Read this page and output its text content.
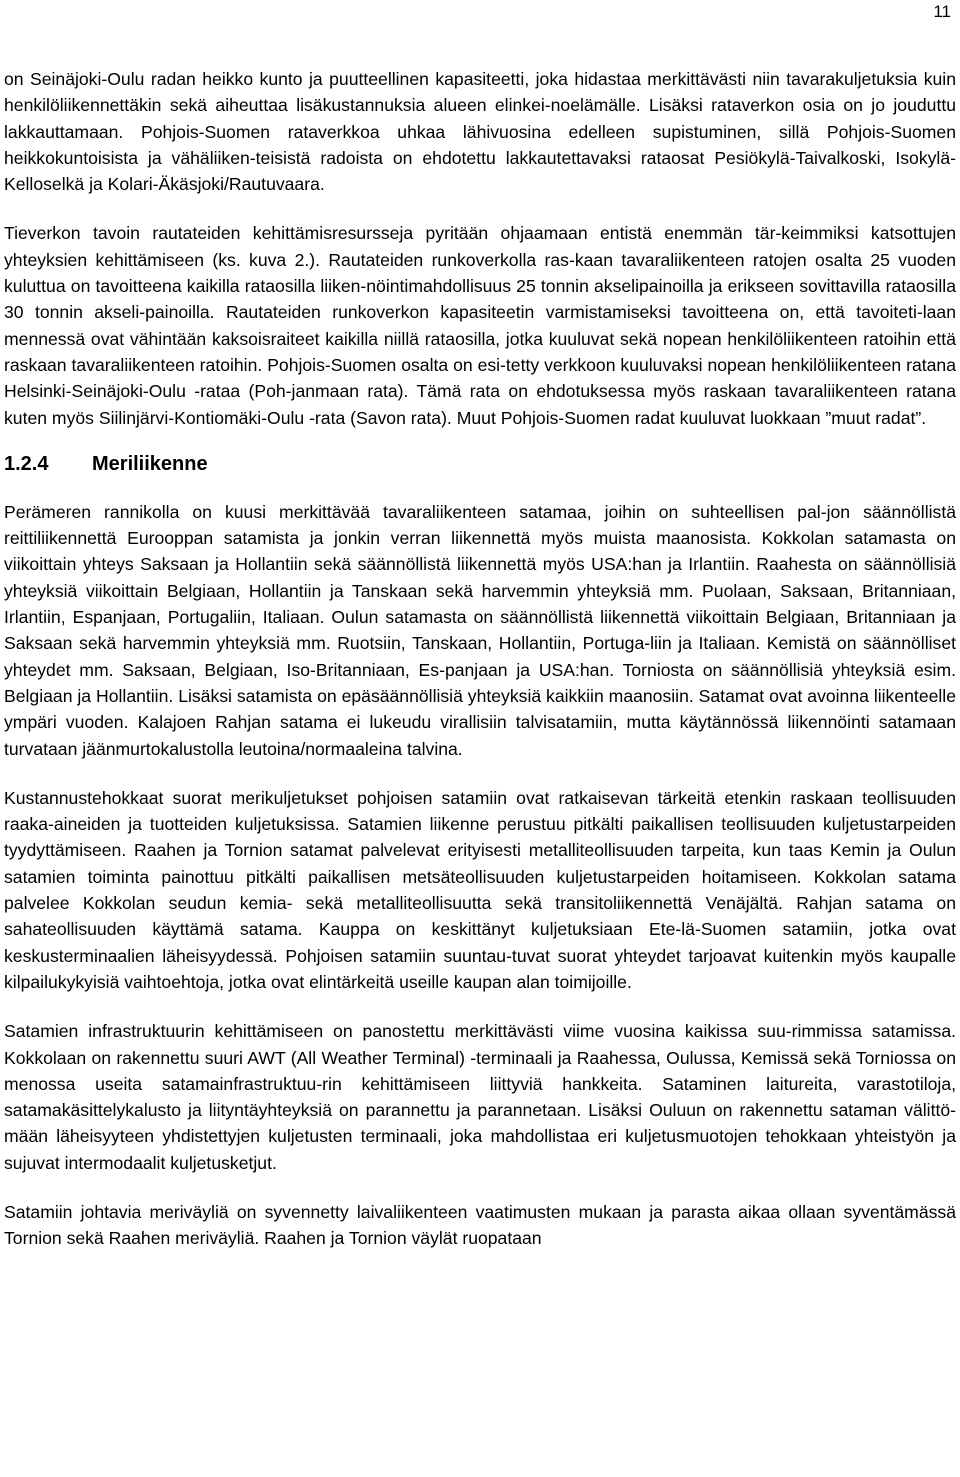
11

on Seinäjoki-Oulu radan heikko kunto ja puutteellinen kapasiteetti, joka hidastaa merkittävästi niin tavarakuljetuksia kuin henkilöliikennettäkin sekä aiheuttaa lisäkustannuksia alueen elinkei-noelämälle. Lisäksi rataverkon osia on jo jouduttu lakkauttamaan. Pohjois-Suomen rataverkkoa uhkaa lähivuosina edelleen supistuminen, sillä Pohjois-Suomen heikkokuntoisista ja vähäliiken-teisistä radoista on ehdotettu lakkautettavaksi rataosat Pesiökylä-Taivalkoski, Isokylä-Kelloselkä ja Kolari-Äkäsjoki/Rautuvaara.

Tieverkon tavoin rautateiden kehittämisresursseja pyritään ohjaamaan entistä enemmän tär-keimmiksi katsottujen yhteyksien kehittämiseen (ks. kuva 2.). Rautateiden runkoverkolla ras-kaan tavaraliikenteen ratojen osalta 25 vuoden kuluttua on tavoitteena kaikilla rataosilla liiken-nöintimahdollisuus 25 tonnin akselipainoilla ja erikseen sovittavilla rataosilla 30 tonnin akseli-painoilla. Rautateiden runkoverkon kapasiteetin varmistamiseksi tavoitteena on, että tavoiteti-laan mennessä ovat vähintään kaksoisraiteet kaikilla niillä rataosilla, jotka kuuluvat sekä nopean henkilöliikenteen ratoihin että raskaan tavaraliikenteen ratoihin. Pohjois-Suomen osalta on esi-tetty verkkoon kuuluvaksi nopean henkilöliikenteen ratana Helsinki-Seinäjoki-Oulu -rataa (Poh-janmaan rata). Tämä rata on ehdotuksessa myös raskaan tavaraliikenteen ratana kuten myös Siilinjärvi-Kontiomäki-Oulu -rata (Savon rata). Muut Pohjois-Suomen radat kuuluvat luokkaan ”muut radat”.

1.2.4 Meriliikenne

Perämeren rannikolla on kuusi merkittävää tavaraliikenteen satamaa, joihin on suhteellisen pal-jon säännöllistä reittiliikennettä Eurooppan satamista ja jonkin verran liikennettä myös muista maanosista. Kokkolan satamasta on viikoittain yhteys Saksaan ja Hollantiin sekä säännöllistä liikennettä myös USA:han ja Irlantiin. Raahesta on säännöllisiä yhteyksiä viikoittain Belgiaan, Hollantiin ja Tanskaan sekä harvemmin yhteyksiä mm. Puolaan, Saksaan, Britanniaan, Irlantiin, Espanjaan, Portugaliin, Italiaan. Oulun satamasta on säännöllistä liikennettä viikoittain Belgiaan, Britanniaan ja Saksaan sekä harvemmin yhteyksiä mm. Ruotsiin, Tanskaan, Hollantiin, Portuga-liin ja Italiaan. Kemistä on säännölliset yhteydet mm. Saksaan, Belgiaan, Iso-Britanniaan, Es-panjaan ja USA:han. Torniosta on säännöllisiä yhteyksiä esim. Belgiaan ja Hollantiin. Lisäksi satamista on epäsäännöllisiä yhteyksiä kaikkiin maanosiin. Satamat ovat avoinna liikenteelle ympäri vuoden. Kalajoen Rahjan satama ei lukeudu virallisiin talvisatamiin, mutta käytännössä liikennöinti satamaan turvataan jäänmurtokalustolla leutoina/normaaleina talvina.

Kustannustehokkaat suorat merikuljetukset pohjoisen satamiin ovat ratkaisevan tärkeitä etenkin raskaan teollisuuden raaka-aineiden ja tuotteiden kuljetuksissa. Satamien liikenne perustuu pitkälti paikallisen teollisuuden kuljetustarpeiden tyydyttämiseen. Raahen ja Tornion satamat palvelevat erityisesti metalliteollisuuden tarpeita, kun taas Kemin ja Oulun satamien toiminta painottuu pitkälti paikallisen metsäteollisuuden kuljetustarpeiden hoitamiseen. Kokkolan satama palvelee Kokkolan seudun kemia- sekä metalliteollisuutta sekä transitoliikennettä Venäjältä. Rahjan satama on sahateollisuuden käyttämä satama. Kauppa on keskittänyt kuljetuksiaan Ete-lä-Suomen satamiin, jotka ovat keskusterminaalien läheisyydessä. Pohjoisen satamiin suuntau-tuvat suorat yhteydet tarjoavat kuitenkin myös kaupalle kilpailukykyisiä vaihtoehtoja, jotka ovat elintärkeitä useille kaupan alan toimijoille.

Satamien infrastruktuurin kehittämiseen on panostettu merkittävästi viime vuosina kaikissa suu-rimmissa satamissa. Kokkolaan on rakennettu suuri AWT (All Weather Terminal) -terminaali ja Raahessa, Oulussa, Kemissä sekä Torniossa on menossa useita satamainfrastruktuu-rin kehittämiseen liittyviä hankkeita. Sataminen laitureita, varastotiloja, satamakäsittelykalusto ja liityntäyhteyksiä on parannettu ja parannetaan. Lisäksi Ouluun on rakennettu sataman välittö-mään läheisyyteen yhdistettyjen kuljetusten terminaali, joka mahdollistaa eri kuljetusmuotojen tehokkaan yhteistyön ja sujuvat intermodaalit kuljetusketjut.

Satamiin johtavia meriväyliä on syvennetty laivaliikenteen vaatimusten mukaan ja parasta aikaa ollaan syventämässä Tornion sekä Raahen meriväyliä. Raahen ja Tornion väylät ruopataan
